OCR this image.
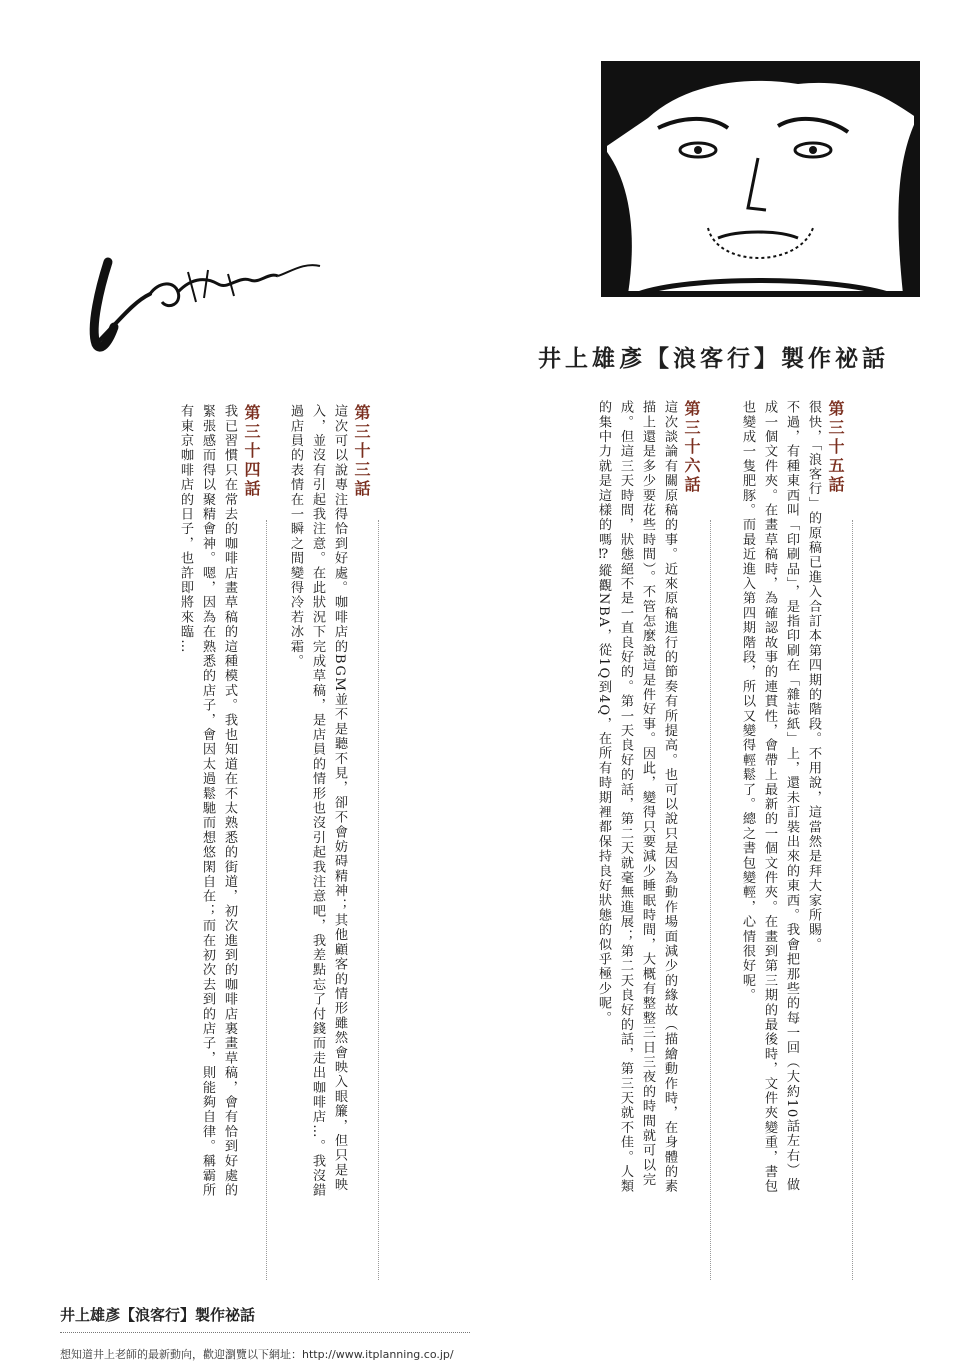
井上雄彥【浪客行】製作祕話
第三十五話
很快，「浪客行」的原稿已進入合訂本第四期的階段。不用說，這當然是拜大家所賜。
不過，有種東西叫「印刷品」，是指印刷在「雜誌紙」上，還未訂裝出來的東西。我會把那些的每一回（大約10話左右）做
成一個文件夾。在畫草稿時，為確認故事的連貫性，會帶上最新的一個文件夾。在畫到第三期的最後時，文件夾變重，書包
也變成一隻肥豚。而最近進入第四期階段，所以又變得輕鬆了。總之書包變輕，心情很好呢。
第三十六話
這次談論有關原稿的事。近來原稿進行的節奏有所提高。也可以說只是因為動作場面減少的緣故（描繪動作時，在身體的素
描上還是多少要花些時間）。不管怎麼說這是件好事。因此，變得只要減少睡眠時間，大概有整整三日三夜的時間就可以完
成。但這三天時間，狀態絕不是一直良好的。第一天良好的話，第二天就毫無進展；第二天良好的話，第三天就不佳。人類
的集中力就是這樣的嗎⁉縱觀NBA，從1Q到4Q，在所有時期裡都保持良好狀態的似乎極少呢。
第三十三話
這次可以說專注得恰到好處。咖啡店的BGM並不是聽不見，卻不會妨碍精神；其他顧客的情形雖然會映入眼簾，但只是映
入，並沒有引起我注意。在此狀況下完成草稿，是店員的情形也沒引起我注意吧，我差點忘了付錢而走出咖啡店…。我沒錯
過店員的表情在一瞬之間變得冷若冰霜。
第三十四話
我已習慣只在常去的咖啡店畫草稿的這種模式。我也知道在不太熟悉的街道，初次進到的咖啡店裏畫草稿，會有恰到好處的
緊張感而得以聚精會神。嗯，因為在熟悉的店子，會因太過鬆馳而想悠閑自在；而在初次去到的店子，則能夠自律。稱霸所
有東京咖啡店的日子，也許即將來臨…
井上雄彥【浪客行】製作祕話
想知道井上老師的最新動向，歡迎瀏覽以下網址：http://www.itplanning.co.jp/
